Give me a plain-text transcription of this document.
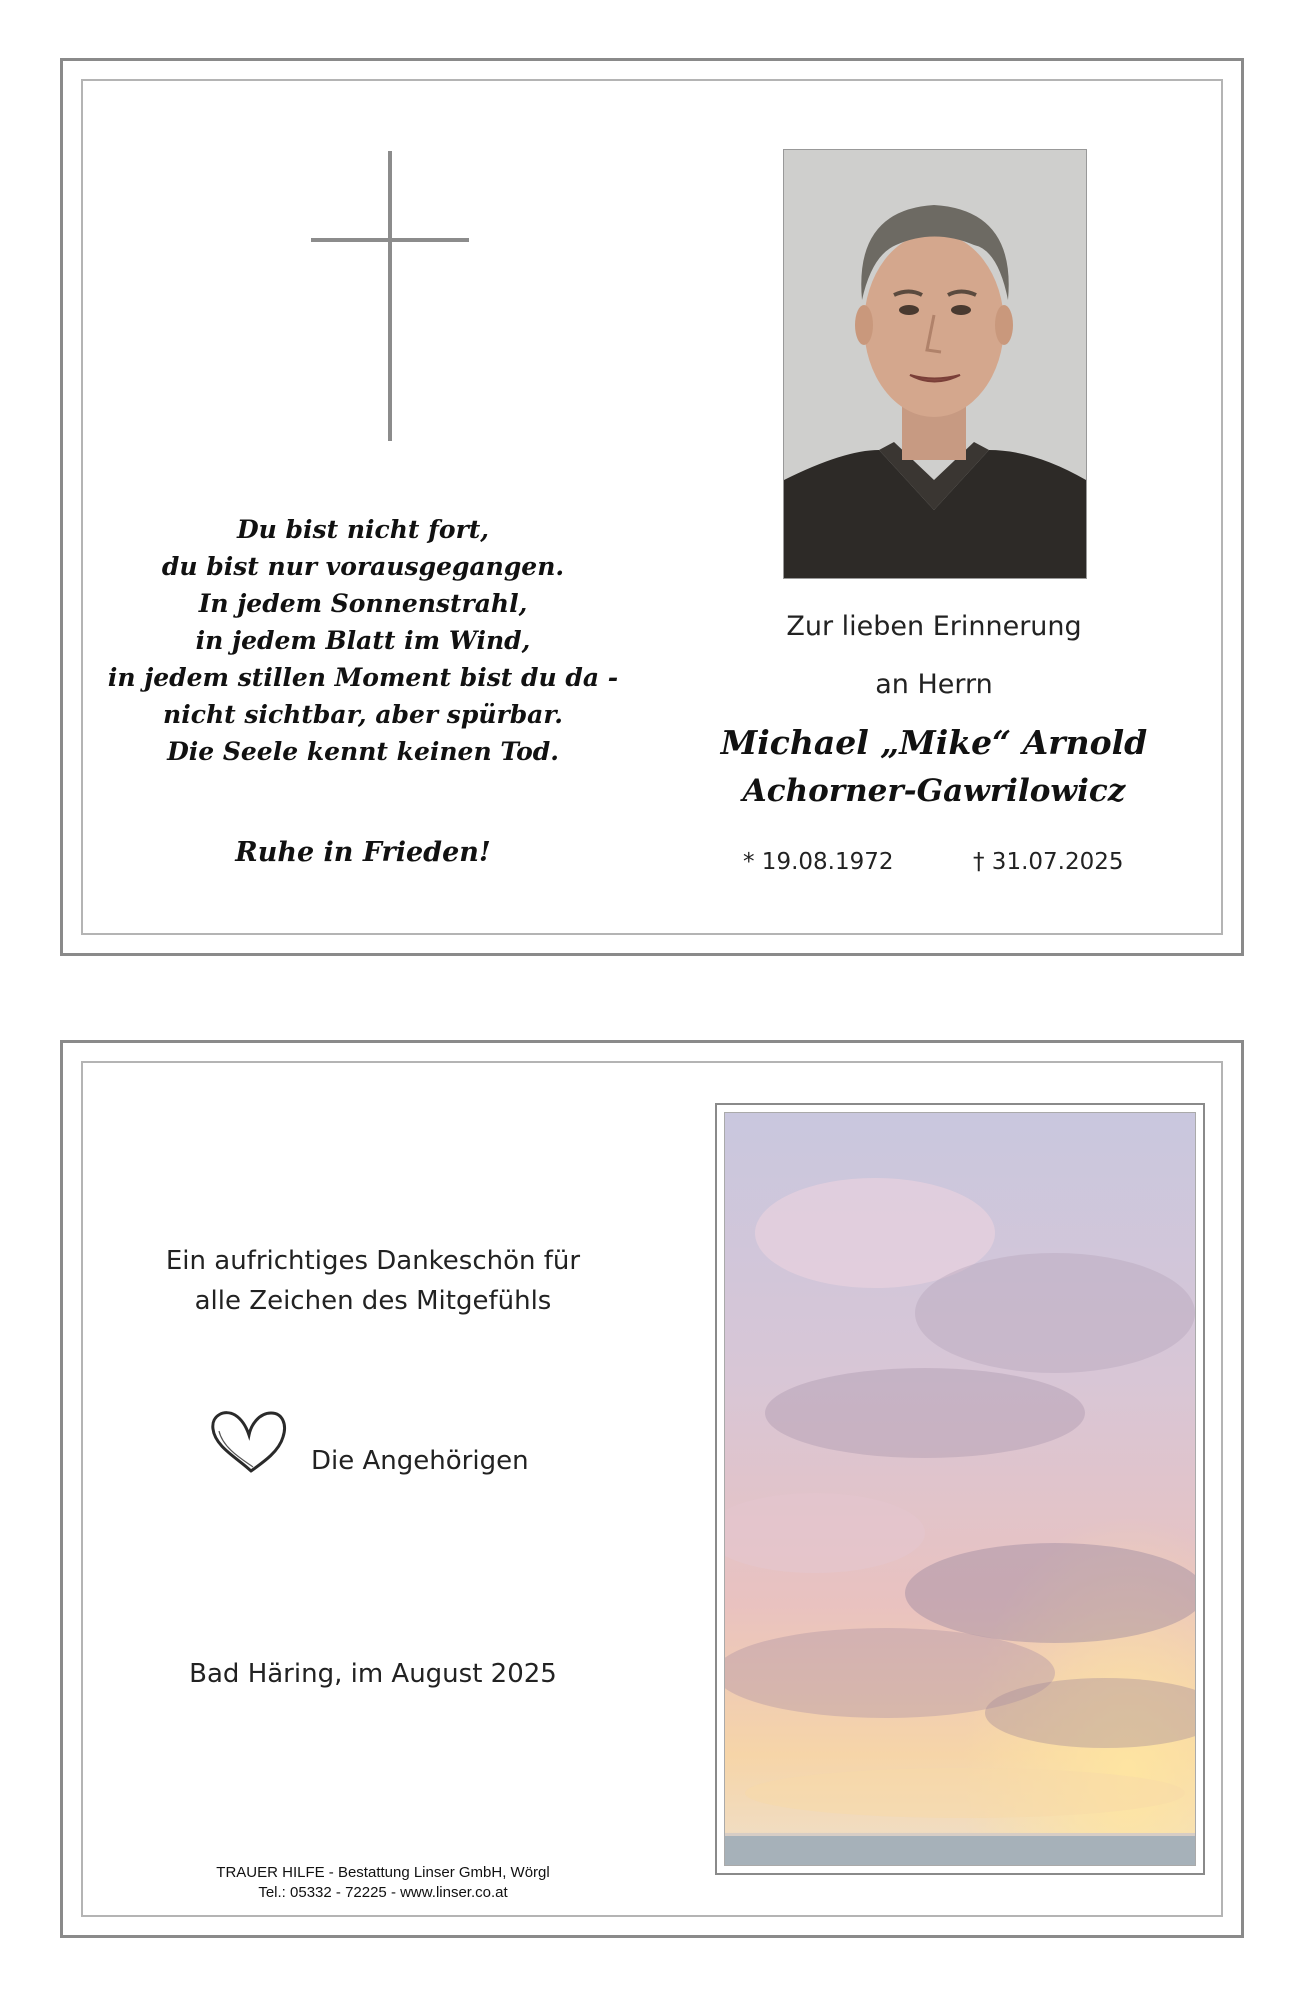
Du bist nicht fort,
du bist nur vorausgegangen.
In jedem Sonnenstrahl,
in jedem Blatt im Wind,
in jedem stillen Moment bist du da -
nicht sichtbar, aber spürbar.
Die Seele kennt keinen Tod.
Ruhe in Frieden!
Zur lieben Erinnerung
an Herrn
Michael „Mike“ Arnold
Achorner-Gawrilowicz
* 19.08.1972	† 31.07.2025
Ein aufrichtiges Dankeschön für
alle Zeichen des Mitgefühls
Die Angehörigen
Bad Häring, im August 2025
TRAUER HILFE - Bestattung Linser GmbH, Wörgl
Tel.: 05332 - 72225 - www.linser.co.at
